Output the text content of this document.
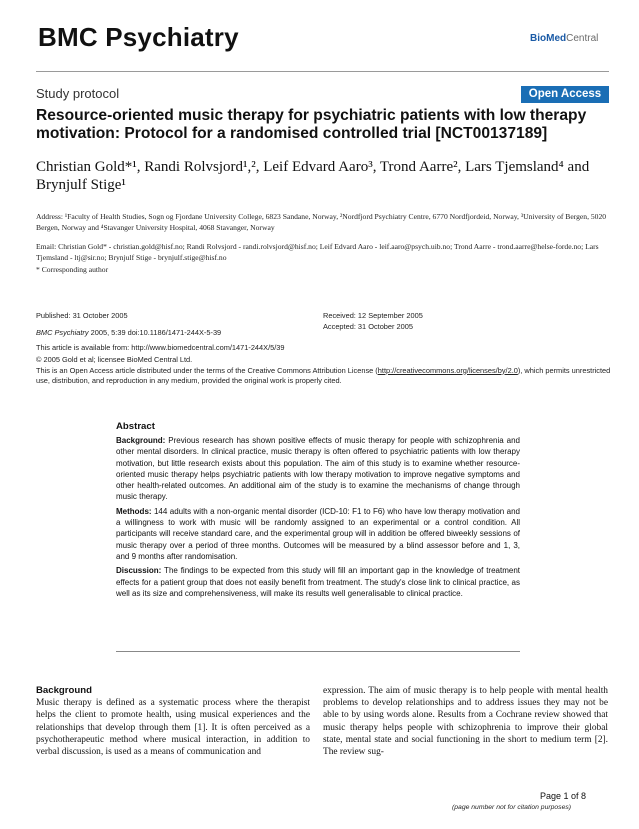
BMC Psychiatry	BioMedCentral
Study protocol	Open Access
Resource-oriented music therapy for psychiatric patients with low therapy motivation: Protocol for a randomised controlled trial [NCT00137189]
Christian Gold*¹, Randi Rolvsjord¹,², Leif Edvard Aaro³, Trond Aarre², Lars Tjemsland⁴ and Brynjulf Stige¹
Address: ¹Faculty of Health Studies, Sogn og Fjordane University College, 6823 Sandane, Norway, ²Nordfjord Psychiatry Centre, 6770 Nordfjordeid, Norway, ³University of Bergen, 5020 Bergen, Norway and ⁴Stavanger University Hospital, 4068 Stavanger, Norway
Email: Christian Gold* - christian.gold@hisf.no; Randi Rolvsjord - randi.rolvsjord@hisf.no; Leif Edvard Aaro - leif.aaro@psych.uib.no; Trond Aarre - trond.aarre@helse-forde.no; Lars Tjemsland - ltj@sir.no; Brynjulf Stige - brynjulf.stige@hisf.no
* Corresponding author
Published: 31 October 2005
BMC Psychiatry 2005, 5:39 doi:10.1186/1471-244X-5-39
This article is available from: http://www.biomedcentral.com/1471-244X/5/39
Received: 12 September 2005
Accepted: 31 October 2005
© 2005 Gold et al; licensee BioMed Central Ltd.
This is an Open Access article distributed under the terms of the Creative Commons Attribution License (http://creativecommons.org/licenses/by/2.0), which permits unrestricted use, distribution, and reproduction in any medium, provided the original work is properly cited.
Abstract
Background: Previous research has shown positive effects of music therapy for people with schizophrenia and other mental disorders. In clinical practice, music therapy is often offered to psychiatric patients with low therapy motivation, but little research exists about this population. The aim of this study is to examine whether resource-oriented music therapy helps psychiatric patients with low therapy motivation to improve negative symptoms and other health-related outcomes. An additional aim of the study is to examine the mechanisms of change through music therapy.
Methods: 144 adults with a non-organic mental disorder (ICD-10: F1 to F6) who have low therapy motivation and a willingness to work with music will be randomly assigned to an experimental or a control condition. All participants will receive standard care, and the experimental group will in addition be offered biweekly sessions of music therapy over a period of three months. Outcomes will be measured by a blind assessor before and 1, 3, and 9 months after randomisation.
Discussion: The findings to be expected from this study will fill an important gap in the knowledge of treatment effects for a patient group that does not easily benefit from treatment. The study's close link to clinical practice, as well as its size and comprehensiveness, will make its results well generalisable to clinical practice.
Background
Music therapy is defined as a systematic process where the therapist helps the client to promote health, using musical experiences and the relationships that develop through them [1]. It is often perceived as a psychotherapeutic method where musical interaction, in addition to verbal discussion, is used as a means of communication and
expression. The aim of music therapy is to help people with mental health problems to develop relationships and to address issues they may not be able to by using words alone. Results from a Cochrane review showed that music therapy helps people with schizophrenia to improve their global state, mental state and social functioning in the short to medium term [2]. The review sug-
Page 1 of 8
(page number not for citation purposes)
